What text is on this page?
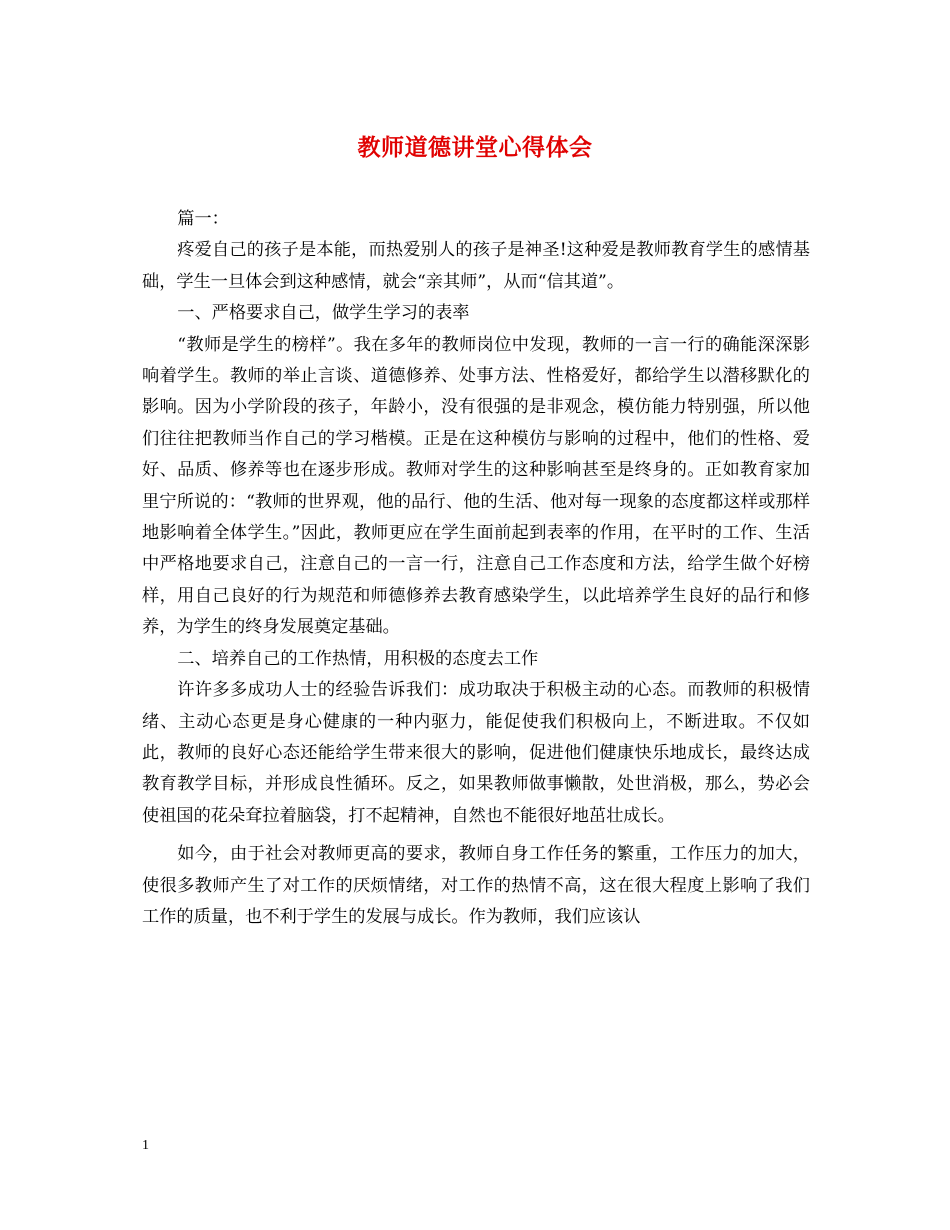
教师道德讲堂心得体会

篇一：

疼爱自己的孩子是本能，而热爱别人的孩子是神圣!这种爱是教师教育学生的感情基础，学生一旦体会到这种感情，就会“亲其师”，从而“信其道”。

一、严格要求自己，做学生学习的表率

“教师是学生的榜样”。我在多年的教师岗位中发现，教师的一言一行的确能深深影响着学生。教师的举止言谈、道德修养、处事方法、性格爱好，都给学生以潜移默化的影响。因为小学阶段的孩子，年龄小，没有很强的是非观念，模仿能力特别强，所以他们往往把教师当作自己的学习楷模。正是在这种模仿与影响的过程中，他们的性格、爱好、品质、修养等也在逐步形成。教师对学生的这种影响甚至是终身的。正如教育家加里宁所说的：“教师的世界观，他的品行、他的生活、他对每一现象的态度都这样或那样地影响着全体学生。”因此，教师更应在学生面前起到表率的作用，在平时的工作、生活中严格地要求自己，注意自己的一言一行，注意自己工作态度和方法，给学生做个好榜样，用自己良好的行为规范和师德修养去教育感染学生，以此培养学生良好的品行和修养，为学生的终身发展奠定基础。

二、培养自己的工作热情，用积极的态度去工作

许许多多成功人士的经验告诉我们：成功取决于积极主动的心态。而教师的积极情绪、主动心态更是身心健康的一种内驱力，能促使我们积极向上，不断进取。不仅如此，教师的良好心态还能给学生带来很大的影响，促进他们健康快乐地成长，最终达成教育教学目标，并形成良性循环。反之，如果教师做事懒散，处世消极，那么，势必会使祖国的花朵耷拉着脑袋，打不起精神，自然也不能很好地茁壮成长。

如今，由于社会对教师更高的要求，教师自身工作任务的繁重，工作压力的加大，使很多教师产生了对工作的厌烦情绪，对工作的热情不高，这在很大程度上影响了我们工作的质量，也不利于学生的发展与成长。作为教师，我们应该认

1
